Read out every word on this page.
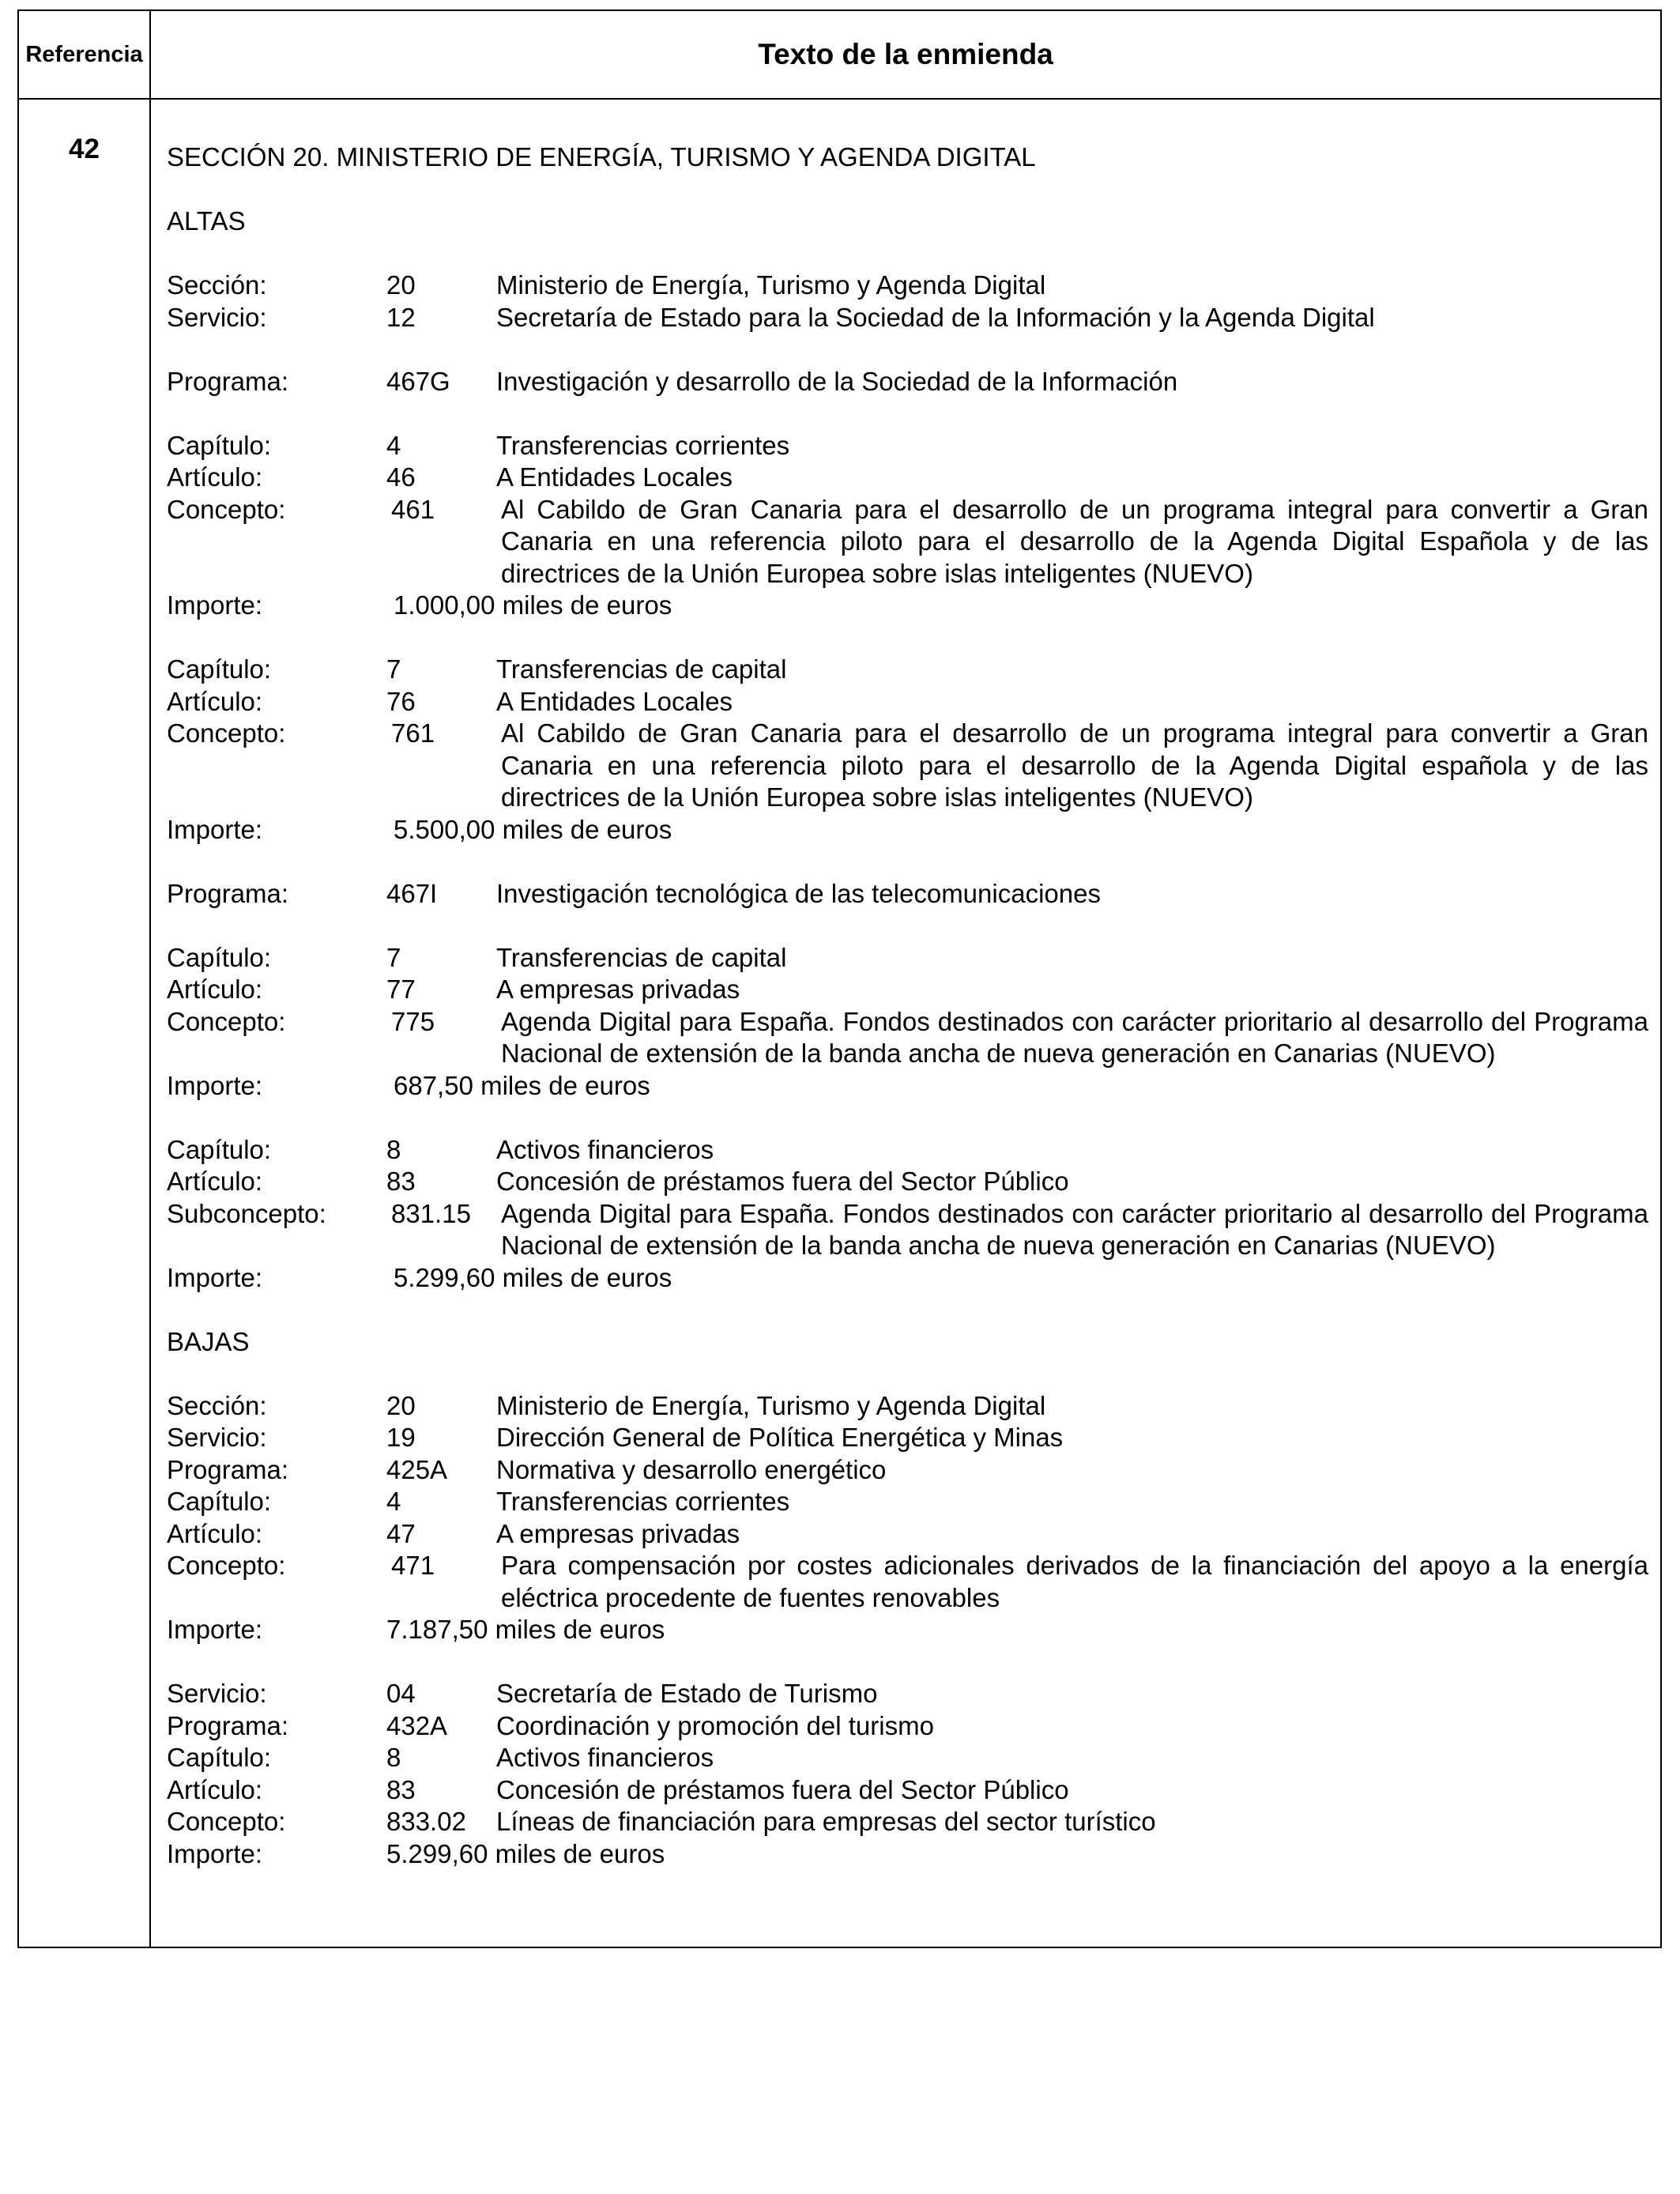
Referencia	Texto de la enmienda
42	SECCIÓN 20. MINISTERIO DE ENERGÍA, TURISMO Y AGENDA DIGITAL
ALTAS
Sección:	20	Ministerio de Energía, Turismo y Agenda Digital
Servicio:	12	Secretaría de Estado para la Sociedad de la Información y la Agenda Digital
Programa:	467G	Investigación y desarrollo de la Sociedad de la Información
Capítulo:	4	Transferencias corrientes
Artículo:	46	A Entidades Locales
Concepto:	461	Al Cabildo de Gran Canaria para el desarrollo de un programa integral para convertir a Gran Canaria en una referencia piloto para el desarrollo de la Agenda Digital Española y de las directrices de la Unión Europea sobre islas inteligentes (NUEVO)
Importe:	1.000,00 miles de euros
Capítulo:	7	Transferencias de capital
Artículo:	76	A Entidades Locales
Concepto:	761	Al Cabildo de Gran Canaria para el desarrollo de un programa integral para convertir a Gran Canaria en una referencia piloto para el desarrollo de la Agenda Digital española y de las directrices de la Unión Europea sobre islas inteligentes (NUEVO)
Importe:	5.500,00 miles de euros
Programa:	467I	Investigación tecnológica de las telecomunicaciones
Capítulo:	7	Transferencias de capital
Artículo:	77	A empresas privadas
Concepto:	775	Agenda Digital para España. Fondos destinados con carácter prioritario al desarrollo del Programa Nacional de extensión de la banda ancha de nueva generación en Canarias (NUEVO)
Importe:	687,50 miles de euros
Capítulo:	8	Activos financieros
Artículo:	83	Concesión de préstamos fuera del Sector Público
Subconcepto:	831.15	Agenda Digital para España. Fondos destinados con carácter prioritario al desarrollo del Programa Nacional de extensión de la banda ancha de nueva generación en Canarias (NUEVO)
Importe:	5.299,60 miles de euros
BAJAS
Sección:	20	Ministerio de Energía, Turismo y Agenda Digital
Servicio:	19	Dirección General de Política Energética y Minas
Programa:	425A	Normativa y desarrollo energético
Capítulo:	4	Transferencias corrientes
Artículo:	47	A empresas privadas
Concepto:	471	Para compensación por costes adicionales derivados de la financiación del apoyo a la energía eléctrica procedente de fuentes renovables
Importe:	7.187,50 miles de euros
Servicio:	04	Secretaría de Estado de Turismo
Programa:	432A	Coordinación y promoción del turismo
Capítulo:	8	Activos financieros
Artículo:	83	Concesión de préstamos fuera del Sector Público
Concepto:	833.02	Líneas de financiación para empresas del sector turístico
Importe:	5.299,60 miles de euros
